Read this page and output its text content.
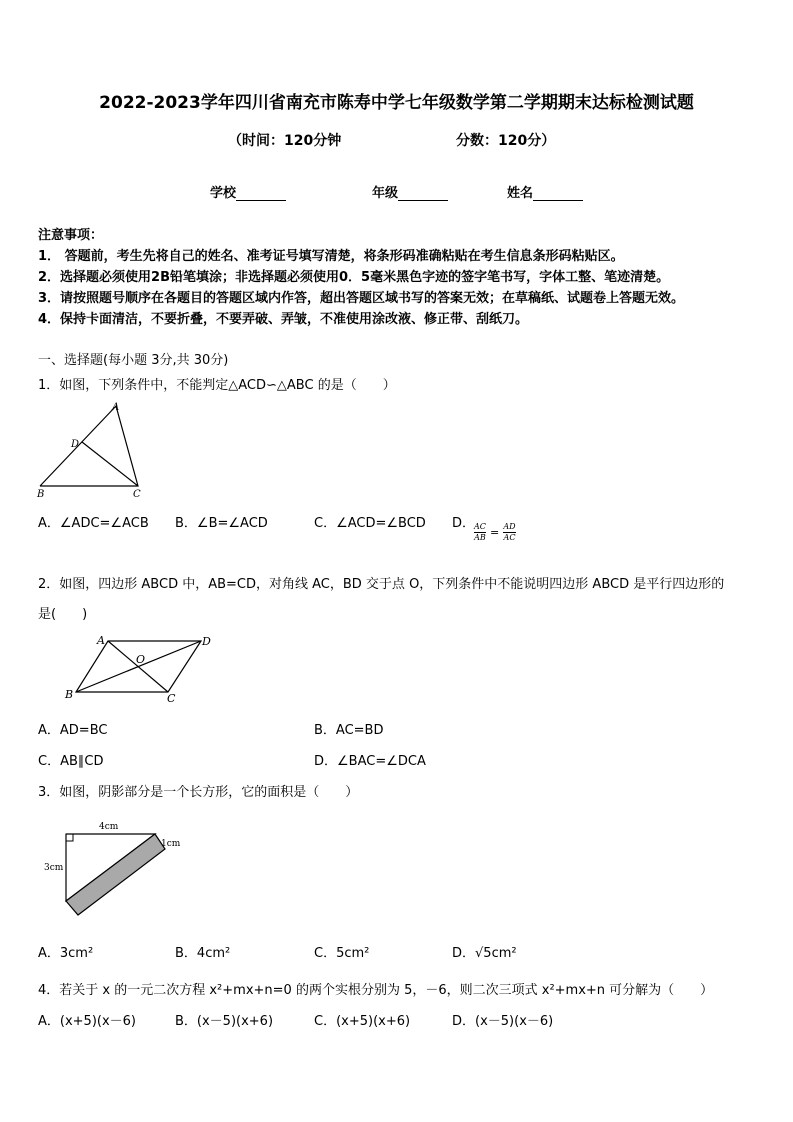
2022-2023学年四川省南充市陈寿中学七年级数学第二学期期末达标检测试题
（时间：120分钟	分数：120分）
学校	年级	姓名
注意事项：
1． 答题前，考生先将自己的姓名、准考证号填写清楚，将条形码准确粘贴在考生信息条形码粘贴区。
2．选择题必须使用2B铅笔填涂；非选择题必须使用0．5毫米黑色字迹的签字笔书写，字体工整、笔迹清楚。
3．请按照题号顺序在各题目的答题区域内作答，超出答题区域书写的答案无效；在草稿纸、试题卷上答题无效。
4．保持卡面清洁，不要折叠，不要弄破、弄皱，不准使用涂改液、修正带、刮纸刀。
一、选择题(每小题 3分,共 30分)
1．如图，下列条件中，不能判定△ACD∽△ABC 的是（　　）
A
D
B	C
A．∠ADC=∠ACB B．∠B=∠ACD	C．∠ACD=∠BCD D．
$\frac{AC}{AB} = \frac{AD}{AC}$
2．如图，四边形 ABCD 中，AB=CD，对角线 AC，BD 交于点 O，下列条件中不能说明四边形 ABCD 是平行四边形的
是(　　)
A	D
O
B	C
A．AD=BC	B．AC=BD
C．AB∥CD	D．∠BAC=∠DCA
3．如图，阴影部分是一个长方形，它的面积是（　　）
4cm
3cm
1cm
A．3cm²	B．4cm²	C．5cm²	D．√5cm²
4．若关于 x 的一元二次方程 x²+mx+n=0 的两个实根分别为 5，－6，则二次三项式 x²+mx+n 可分解为（　　）
A．(x+5)(x－6)	B．(x－5)(x+6)	C．(x+5)(x+6)	D．(x－5)(x－6)
